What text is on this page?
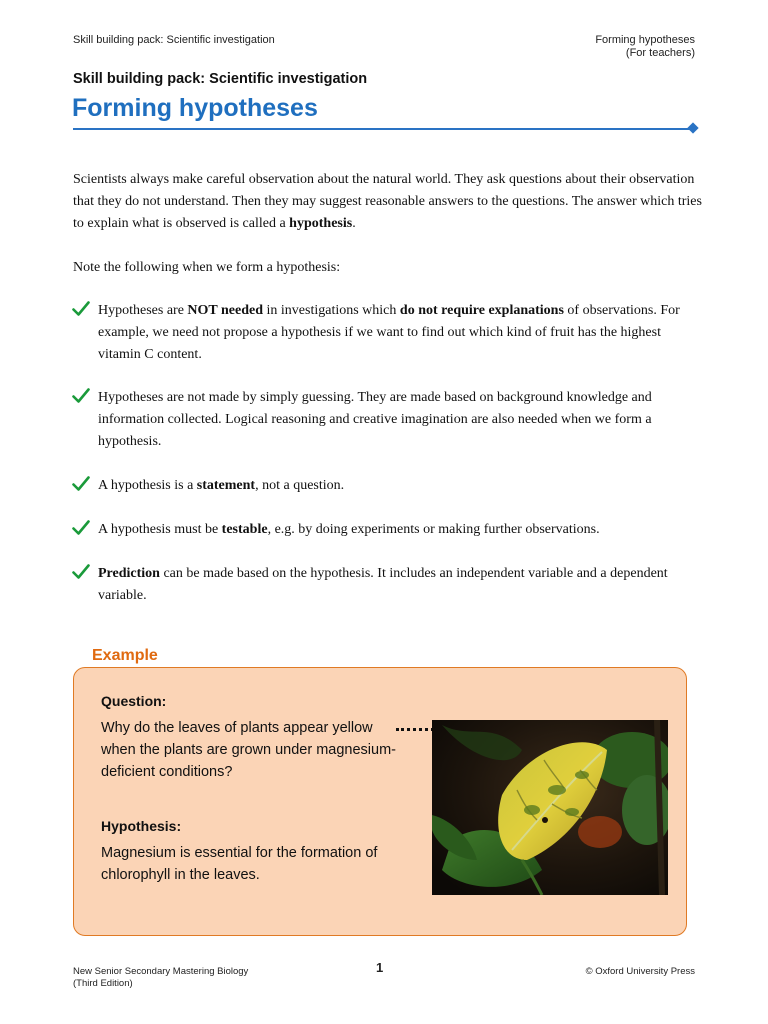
Skill building pack: Scientific investigation	Forming hypotheses
(For teachers)
Skill building pack: Scientific investigation
Forming hypotheses

Scientists always make careful observation about the natural world. They ask questions about their observation that they do not understand. Then they may suggest reasonable answers to the questions. The answer which tries to explain what is observed is called a hypothesis.

Note the following when we form a hypothesis:

Hypotheses are NOT needed in investigations which do not require explanations of observations. For example, we need not propose a hypothesis if we want to find out which kind of fruit has the highest vitamin C content.

Hypotheses are not made by simply guessing. They are made based on background knowledge and information collected. Logical reasoning and creative imagination are also needed when we form a hypothesis.

A hypothesis is a statement, not a question.

A hypothesis must be testable, e.g. by doing experiments or making further observations.

Prediction can be made based on the hypothesis. It includes an independent variable and a dependent variable.

Example
Question:

Why do the leaves of plants appear yellow when the plants are grown under magnesium-deficient conditions?

Hypothesis:

Magnesium is essential for the formation of chlorophyll in the leaves.

New Senior Secondary Mastering Biology
(Third Edition)
1	© Oxford University Press
